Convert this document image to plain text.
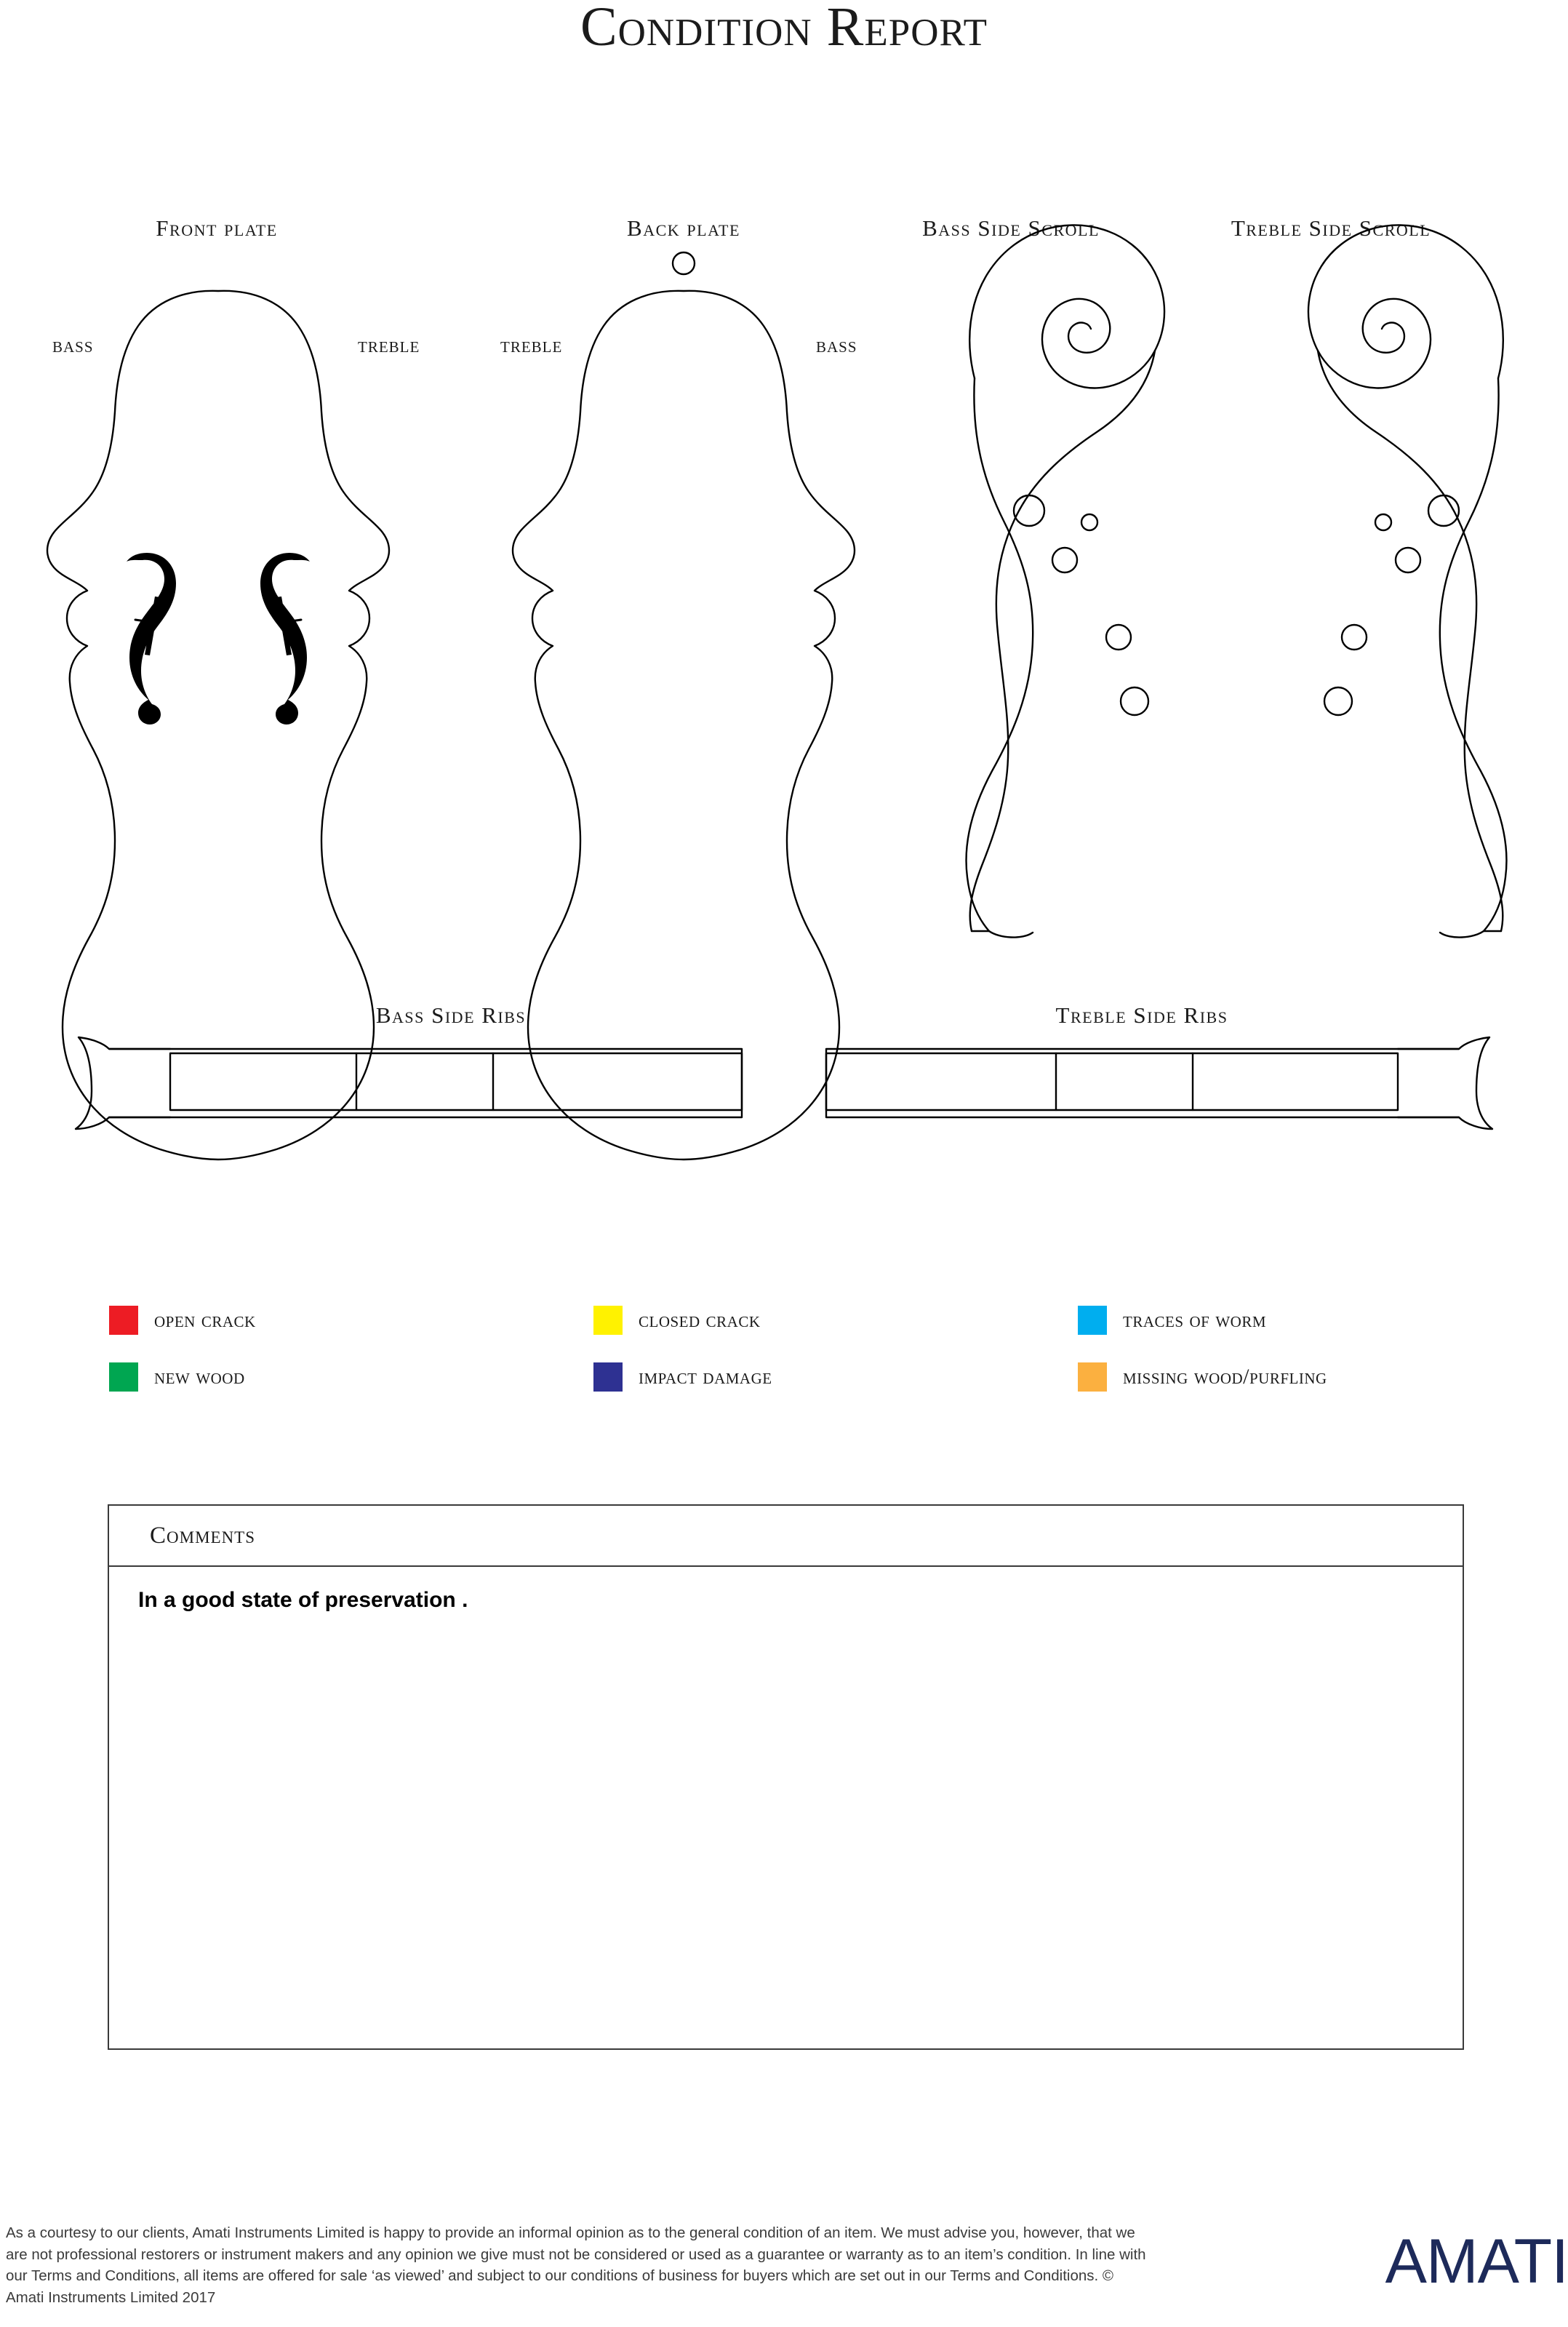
Condition Report
Front plate	Back plate	Bass Side Scroll	Treble Side Scroll
BASS	TREBLE	TREBLE	BASS
Bass Side Ribs	Treble Side Ribs
open crack	closed crack	traces of worm
new wood	impact damage	missing wood/purfling
Comments
In a good state of preservation .
As a courtesy to our clients, Amati Instruments Limited is happy to provide an informal opinion as to the general condition of an item. We must advise you, however, that we are not professional restorers or instrument makers and any opinion we give must not be considered or used as a guarantee or warranty as to an item’s condition. In line with our Terms and Conditions, all items are offered for sale ‘as viewed’ and subject to our conditions of business for buyers which are set out in our Terms and Conditions. © Amati Instruments Limited 2017
AMATI
